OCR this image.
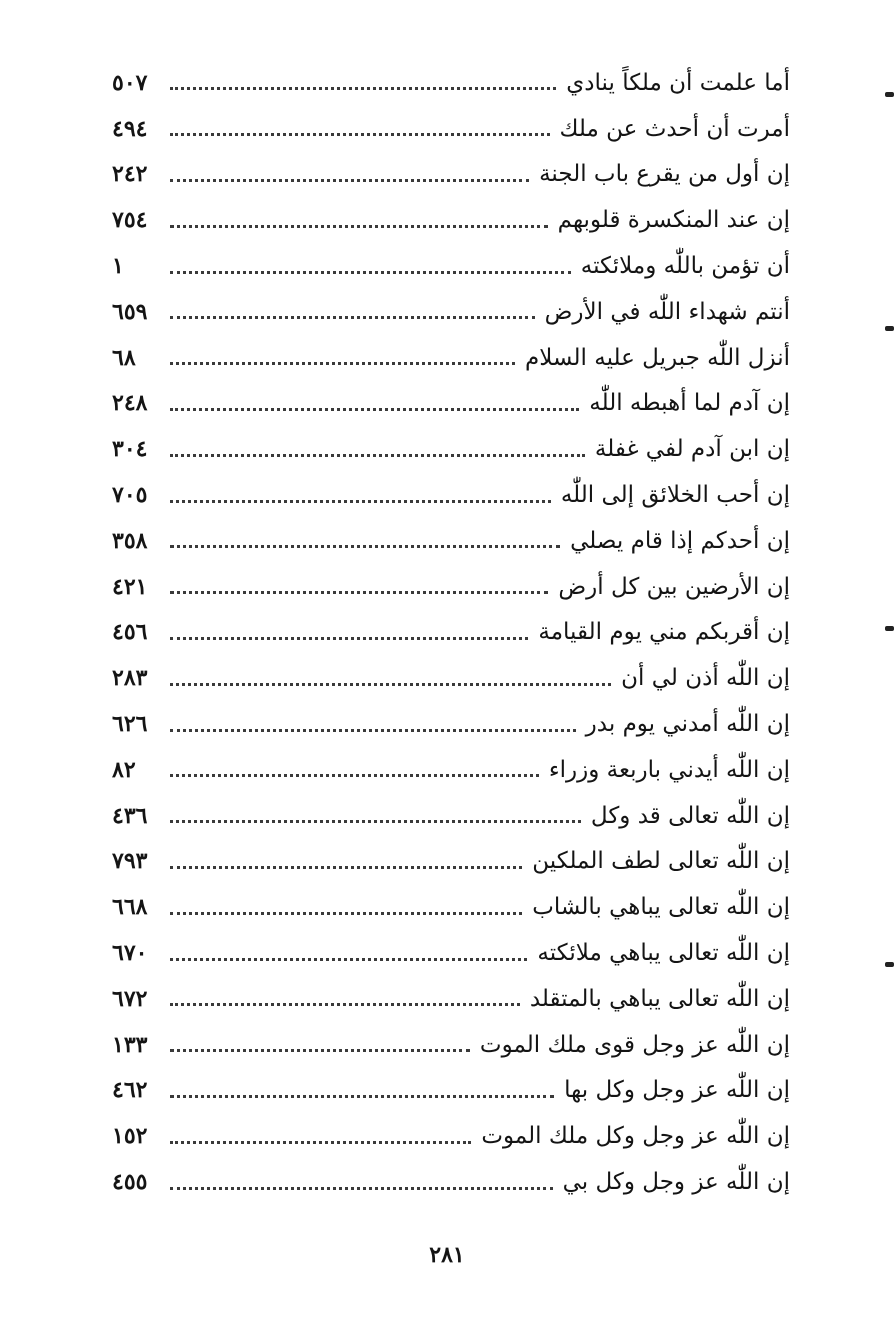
أما علمت أن ملكاً ينادي
٥٠٧
أمرت أن أحدث عن ملك
٤٩٤
إن أول من يقرع باب الجنة
٢٤٢
إن عند المنكسرة قلوبهم
٧٥٤
أن تؤمن باللّٰه وملائكته
١
أنتم شهداء اللّٰه في الأرض
٦٥٩
أنزل اللّٰه جبريل عليه السلام
٦٨
إن آدم لما أهبطه اللّٰه
٢٤٨
إن ابن آدم لفي غفلة
٣٠٤
إن أحب الخلائق إلى اللّٰه
٧٠٥
إن أحدكم إذا قام يصلي
٣٥٨
إن الأرضين بين كل أرض
٤٢١
إن أقربكم مني يوم القيامة
٤٥٦
إن اللّٰه أذن لي أن
٢٨٣
إن اللّٰه أمدني يوم بدر
٦٢٦
إن اللّٰه أيدني باربعة وزراء
٨٢
إن اللّٰه تعالى قد وكل
٤٣٦
إن اللّٰه تعالى لطف الملكين
٧٩٣
إن اللّٰه تعالى يباهي بالشاب
٦٦٨
إن اللّٰه تعالى يباهي ملائكته
٦٧٠
إن اللّٰه تعالى يباهي بالمتقلد
٦٧٢
إن اللّٰه عز وجل قوى ملك الموت
١٣٣
إن اللّٰه عز وجل وكل بها
٤٦٢
إن اللّٰه عز وجل وكل ملك الموت
١٥٢
إن اللّٰه عز وجل وكل بي
٤٥٥
٢٨١
